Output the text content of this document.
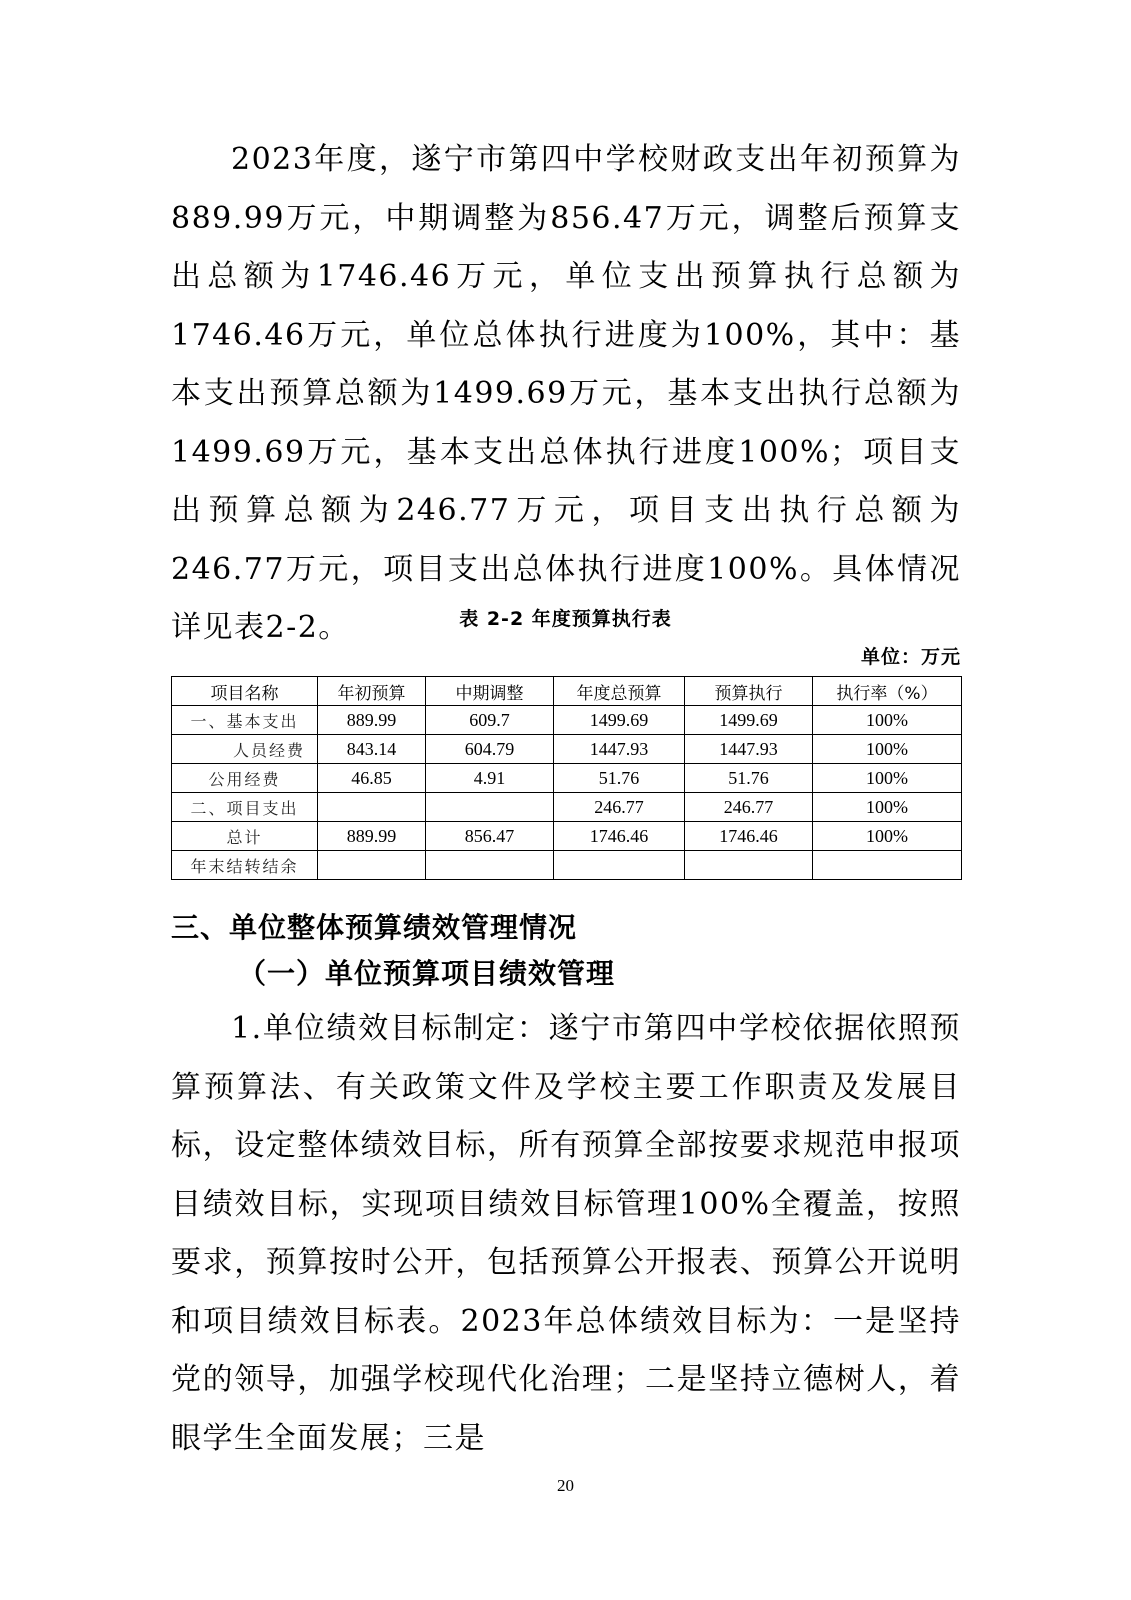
2023年度，遂宁市第四中学校财政支出年初预算为889.99万元，中期调整为856.47万元，调整后预算支出总额为1746.46万元，单位支出预算执行总额为1746.46万元，单位总体执行进度为100%，其中：基本支出预算总额为1499.69万元，基本支出执行总额为1499.69万元，基本支出总体执行进度100%；项目支出预算总额为246.77万元，项目支出执行总额为246.77万元，项目支出总体执行进度100%。具体情况详见表2-2。	表 2-2 年度预算执行表
单位：万元
项目名称	年初预算	中期调整	年度总预算	预算执行	执行率（%）
一、基本支出	889.99	609.7	1499.69	1499.69	100%
人员经费	843.14	604.79	1447.93	1447.93	100%
公用经费	46.85	4.91	51.76	51.76	100%
二、项目支出			246.77	246.77	100%
总计	889.99	856.47	1746.46	1746.46	100%
年末结转结余					
三、单位整体预算绩效管理情况
（一）单位预算项目绩效管理

1.单位绩效目标制定：遂宁市第四中学校依据依照预算预算法、有关政策文件及学校主要工作职责及发展目标，设定整体绩效目标，所有预算全部按要求规范申报项目绩效目标，实现项目绩效目标管理100%全覆盖，按照要求，预算按时公开，包括预算公开报表、预算公开说明和项目绩效目标表。2023年总体绩效目标为：一是坚持党的领导，加强学校现代化治理；二是坚持立德树人，着眼学生全面发展；三是

20
